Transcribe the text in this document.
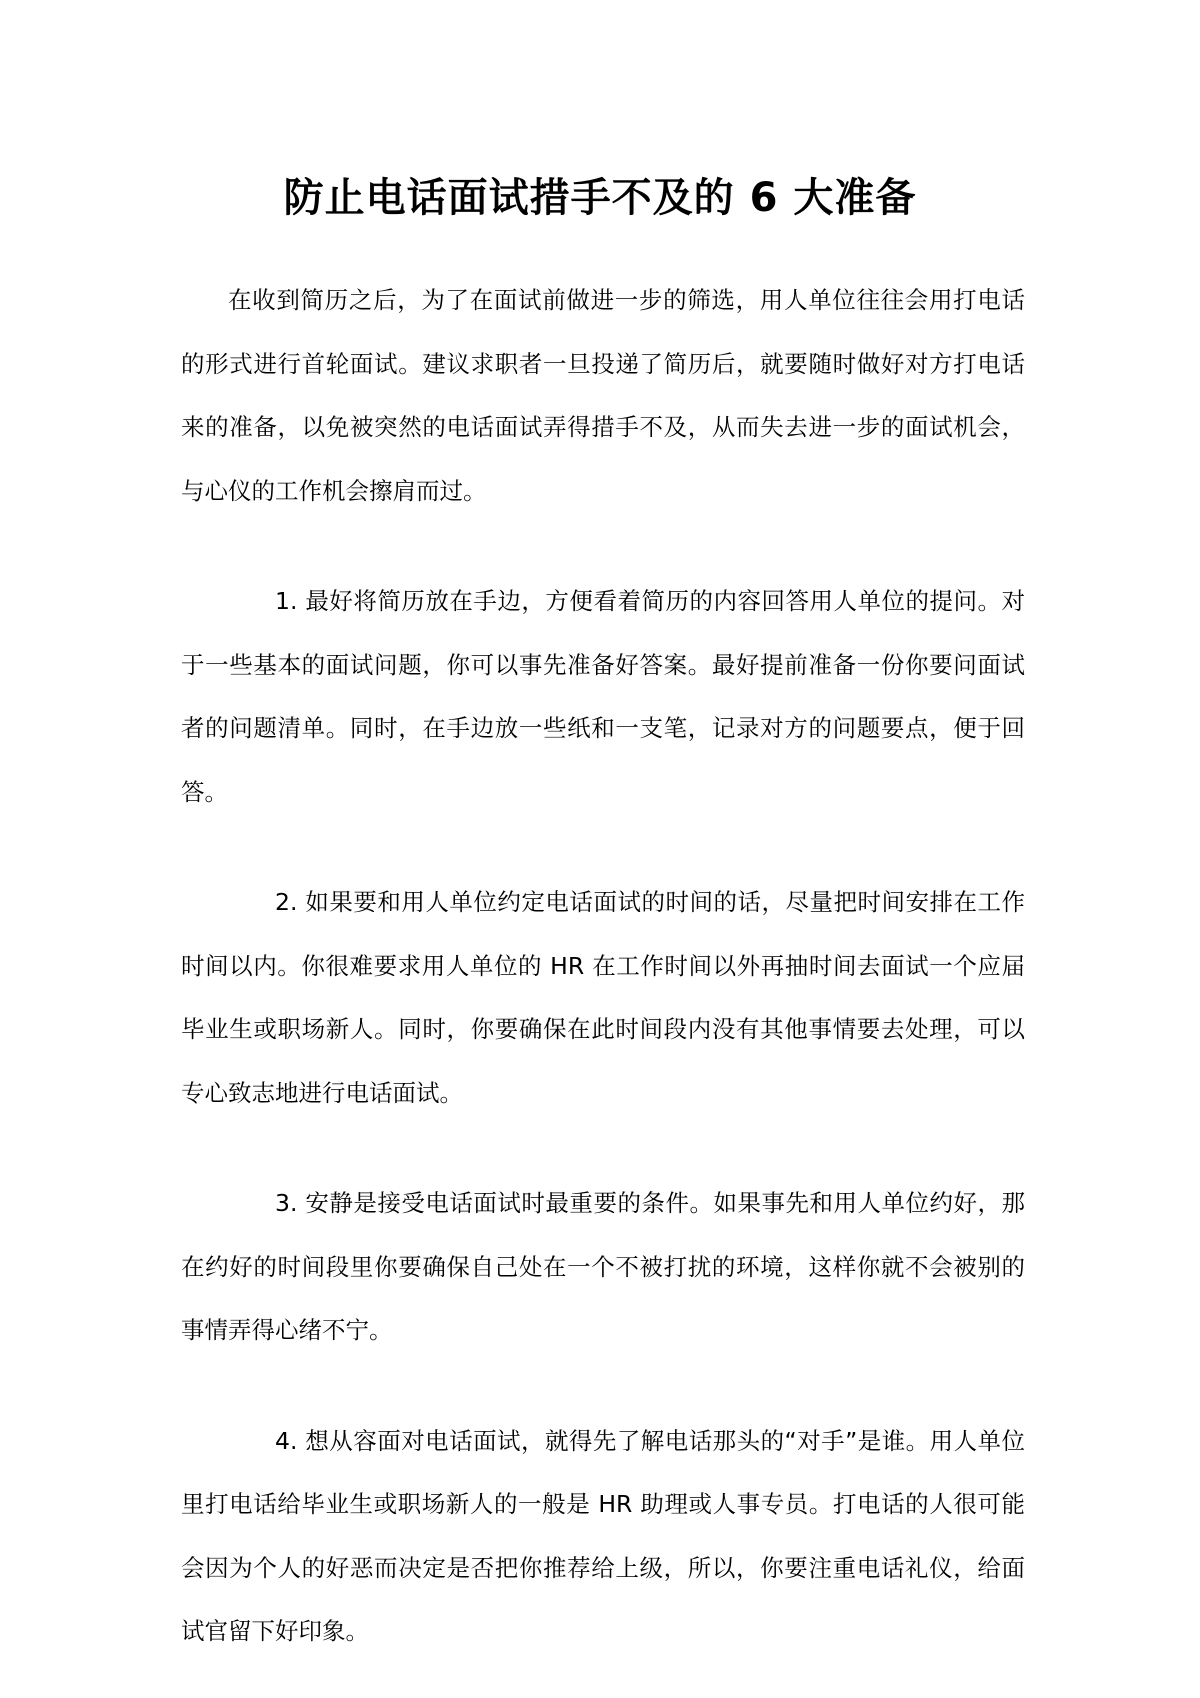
防止电话面试措手不及的 6 大准备

在收到简历之后，为了在面试前做进一步的筛选，用人单位往往会用打电话的形式进行首轮面试。建议求职者一旦投递了简历后，就要随时做好对方打电话来的准备，以免被突然的电话面试弄得措手不及，从而失去进一步的面试机会，与心仪的工作机会擦肩而过。

1. 最好将简历放在手边，方便看着简历的内容回答用人单位的提问。对于一些基本的面试问题，你可以事先准备好答案。最好提前准备一份你要问面试者的问题清单。同时，在手边放一些纸和一支笔，记录对方的问题要点，便于回答。

2. 如果要和用人单位约定电话面试的时间的话，尽量把时间安排在工作时间以内。你很难要求用人单位的 HR 在工作时间以外再抽时间去面试一个应届毕业生或职场新人。同时，你要确保在此时间段内没有其他事情要去处理，可以专心致志地进行电话面试。

3. 安静是接受电话面试时最重要的条件。如果事先和用人单位约好，那在约好的时间段里你要确保自己处在一个不被打扰的环境，这样你就不会被别的事情弄得心绪不宁。

4. 想从容面对电话面试，就得先了解电话那头的“对手”是谁。用人单位里打电话给毕业生或职场新人的一般是 HR 助理或人事专员。打电话的人很可能会因为个人的好恶而决定是否把你推荐给上级，所以，你要注重电话礼仪，给面试官留下好印象。
